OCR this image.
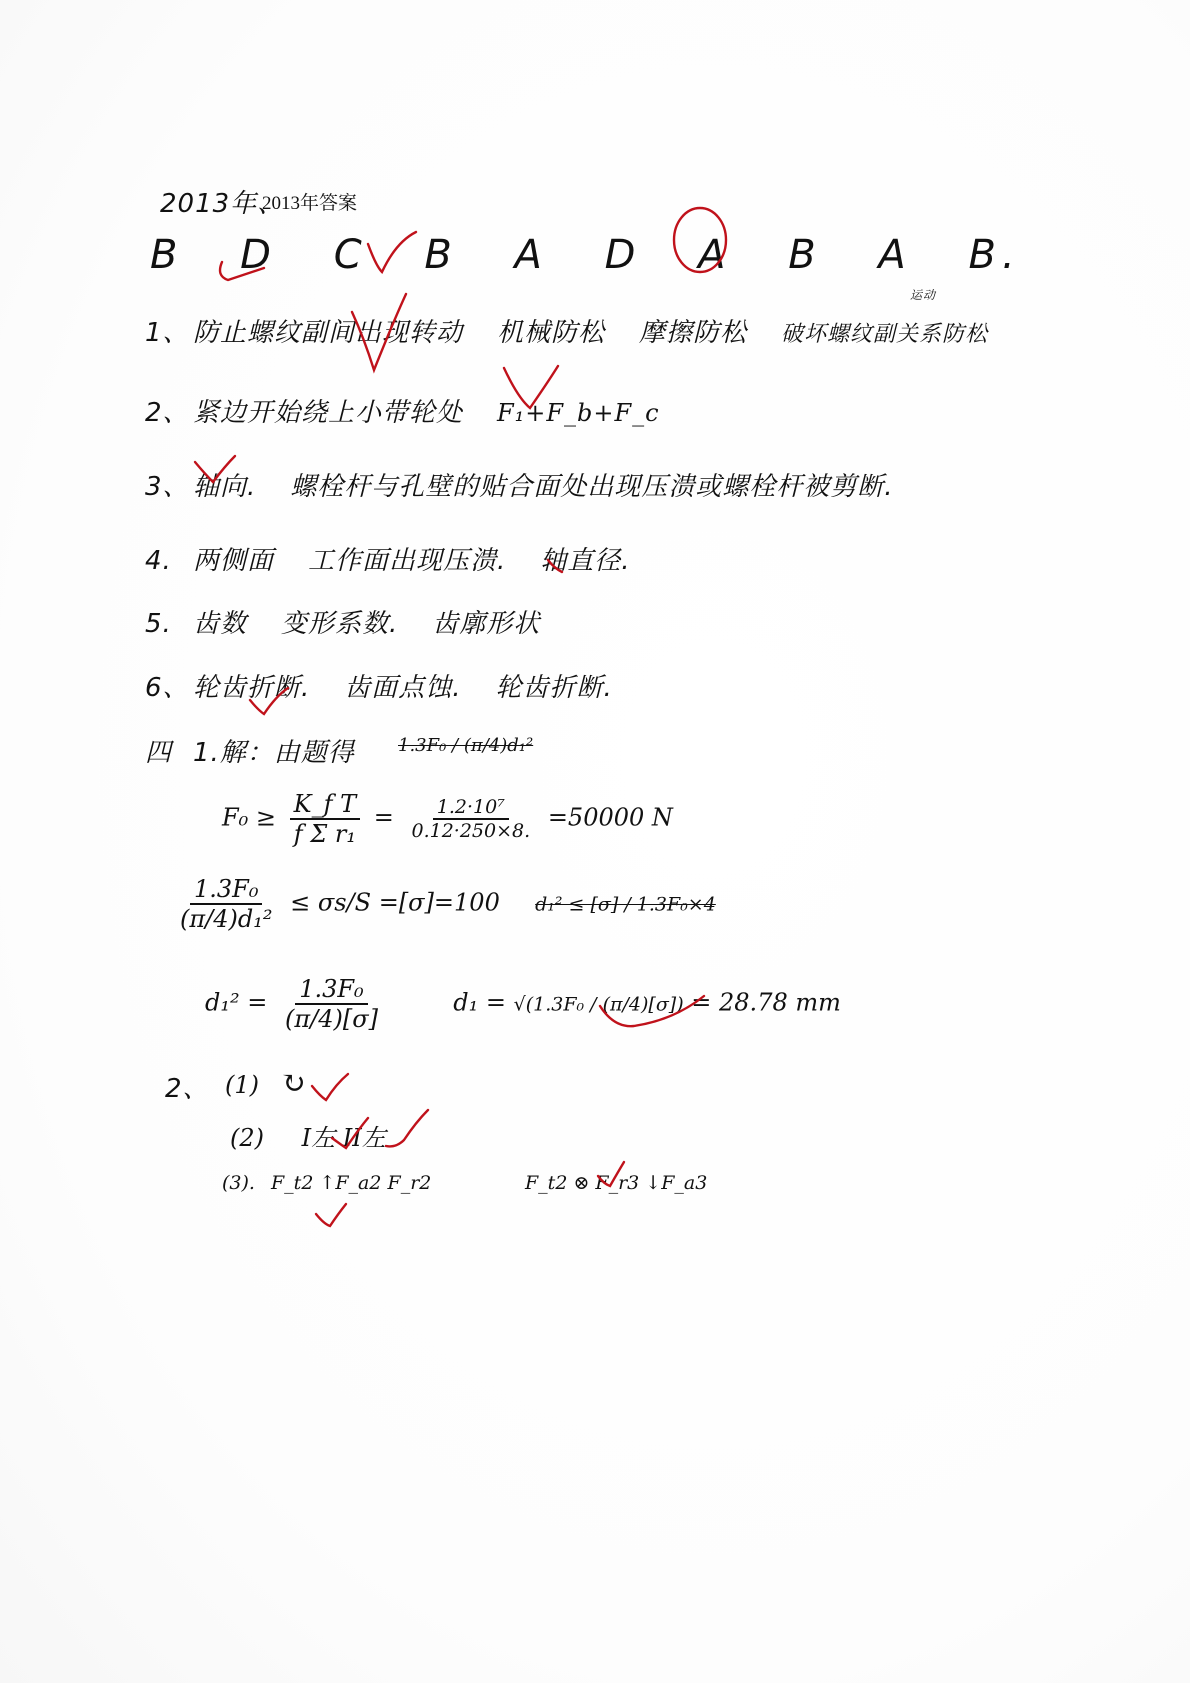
2013年、
2013年答案
B D C B A D A B A B.
1、 防止螺纹副间出现转动 机械防松 摩擦防松 破坏螺纹副关系防松
运动
2、 紧边开始绕上小带轮处 F₁+F_b+F_c
3、 轴向. 螺栓杆与孔壁的贴合面处出现压溃或螺栓杆被剪断.
4. 两侧面 工作面出现压溃. 轴直径.
5. 齿数 变形系数. 齿廓形状
6、 轮齿折断. 齿面点蚀. 轮齿折断.
四 1.解：由题得 1.3F₀ / (π/4)d₁²
$F_0 \ge \frac{\text{K\_f T}}{\text{f Σ r₁}} = \frac{\text{1.2·10⁷}}{0.12\cdot 250\times 8.} =50000$ N
$\frac{\text{1.3F₀}}{\text{(π/4)d₁²}} \le \sigma s/S =[\sigma]=100$ d₁² ≤ [σ] / 1.3F₀×4
$d_1^2 = \frac{\text{1.3F₀}}{(\pi/4)[\sigma]}$	d₁ = √(1.3F₀ / (π/4)[σ]) = 28.78 mm
2、 (1) ↻
(2) I左 II左
(3). F_t2 ↑F_a2 F_r2	F_t2 ⊗ F_r3 ↓F_a3
